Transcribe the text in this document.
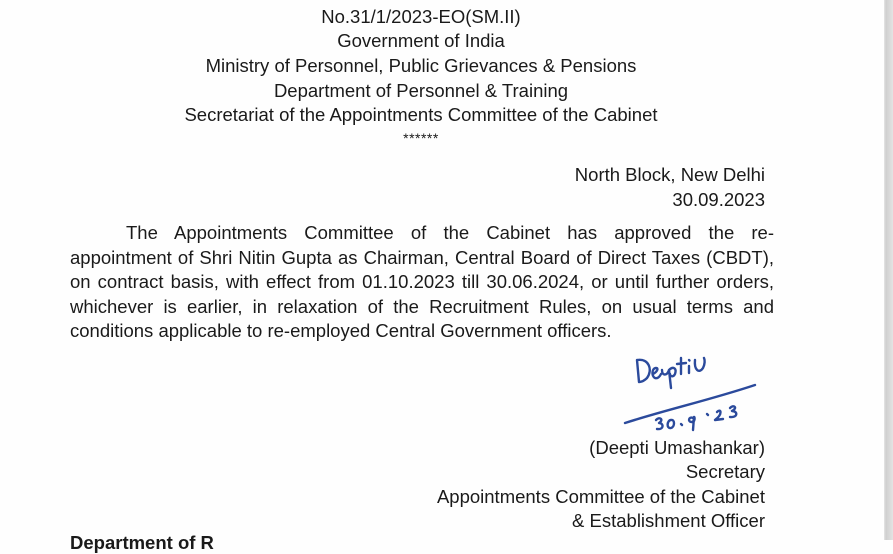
No.31/1/2023-EO(SM.II)
Government of India
Ministry of Personnel, Public Grievances & Pensions
Department of Personnel & Training
Secretariat of the Appointments Committee of the Cabinet
******
North Block, New Delhi
30.09.2023
The Appointments Committee of the Cabinet has approved the re-
appointment of Shri Nitin Gupta as Chairman, Central Board of Direct Taxes (CBDT),
on contract basis, with effect from 01.10.2023 till 30.06.2024, or until further orders,
whichever is earlier, in relaxation of the Recruitment Rules, on usual terms and
conditions applicable to re-employed Central Government officers.
(Deepti Umashankar)
Secretary
Appointments Committee of the Cabinet
& Establishment Officer
Department of R
